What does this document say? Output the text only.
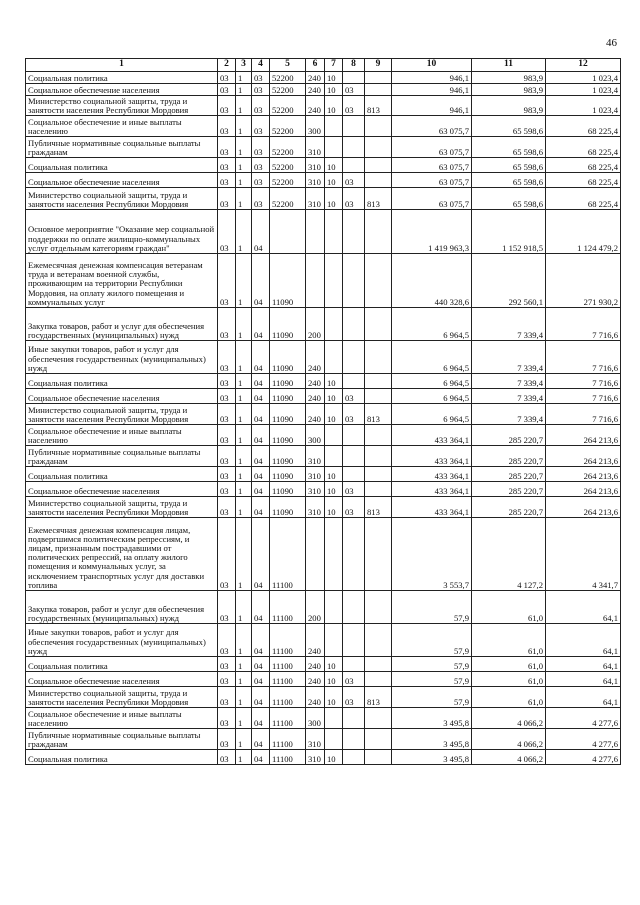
46
1	2	3	4	5	6	7	8	9	10	11	12
Социальная политика	03	1	03	52200	240	10			946,1	983,9	1 023,4
Социальное обеспечение населения	03	1	03	52200	240	10	03		946,1	983,9	1 023,4
Министерство социальной защиты, труда и занятости населения Республики Мордовия	03	1	03	52200	240	10	03	813	946,1	983,9	1 023,4
Социальное обеспечение и иные выплаты населению	03	1	03	52200	300				63 075,7	65 598,6	68 225,4
Публичные нормативные социальные выплаты гражданам	03	1	03	52200	310				63 075,7	65 598,6	68 225,4
Социальная политика	03	1	03	52200	310	10			63 075,7	65 598,6	68 225,4
Социальное обеспечение населения	03	1	03	52200	310	10	03		63 075,7	65 598,6	68 225,4
Министерство социальной защиты, труда и занятости населения Республики Мордовия	03	1	03	52200	310	10	03	813	63 075,7	65 598,6	68 225,4
Основное мероприятие "Оказание мер социальной поддержки по оплате жилищно-коммунальных услуг отдельным категориям граждан"	03	1	04						1 419 963,3	1 152 918,5	1 124 479,2
Ежемесячная денежная компенсация ветеранам труда и ветеранам военной службы, проживающим на территории Республики Мордовия, на оплату жилого помещения и коммунальных услуг	03	1	04	11090					440 328,6	292 560,1	271 930,2
Закупка товаров, работ и услуг для обеспечения государственных (муниципальных) нужд	03	1	04	11090	200				6 964,5	7 339,4	7 716,6
Иные закупки товаров, работ и услуг для обеспечения государственных (муниципальных) нужд	03	1	04	11090	240				6 964,5	7 339,4	7 716,6
Социальная политика	03	1	04	11090	240	10			6 964,5	7 339,4	7 716,6
Социальное обеспечение населения	03	1	04	11090	240	10	03		6 964,5	7 339,4	7 716,6
Министерство социальной защиты, труда и занятости населения Республики Мордовия	03	1	04	11090	240	10	03	813	6 964,5	7 339,4	7 716,6
Социальное обеспечение и иные выплаты населению	03	1	04	11090	300				433 364,1	285 220,7	264 213,6
Публичные нормативные социальные выплаты гражданам	03	1	04	11090	310				433 364,1	285 220,7	264 213,6
Социальная политика	03	1	04	11090	310	10			433 364,1	285 220,7	264 213,6
Социальное обеспечение населения	03	1	04	11090	310	10	03		433 364,1	285 220,7	264 213,6
Министерство социальной защиты, труда и занятости населения Республики Мордовия	03	1	04	11090	310	10	03	813	433 364,1	285 220,7	264 213,6
Ежемесячная денежная компенсация лицам, подвергшимся политическим репрессиям, и лицам, признанным пострадавшими от политических репрессий, на оплату жилого помещения и коммунальных услуг, за исключением транспортных услуг для доставки топлива	03	1	04	11100					3 553,7	4 127,2	4 341,7
Закупка товаров, работ и услуг для обеспечения государственных (муниципальных) нужд	03	1	04	11100	200				57,9	61,0	64,1
Иные закупки товаров, работ и услуг для обеспечения государственных (муниципальных) нужд	03	1	04	11100	240				57,9	61,0	64,1
Социальная политика	03	1	04	11100	240	10			57,9	61,0	64,1
Социальное обеспечение населения	03	1	04	11100	240	10	03		57,9	61,0	64,1
Министерство социальной защиты, труда и занятости населения Республики Мордовия	03	1	04	11100	240	10	03	813	57,9	61,0	64,1
Социальное обеспечение и иные выплаты населению	03	1	04	11100	300				3 495,8	4 066,2	4 277,6
Публичные нормативные социальные выплаты гражданам	03	1	04	11100	310				3 495,8	4 066,2	4 277,6
Социальная политика	03	1	04	11100	310	10			3 495,8	4 066,2	4 277,6
